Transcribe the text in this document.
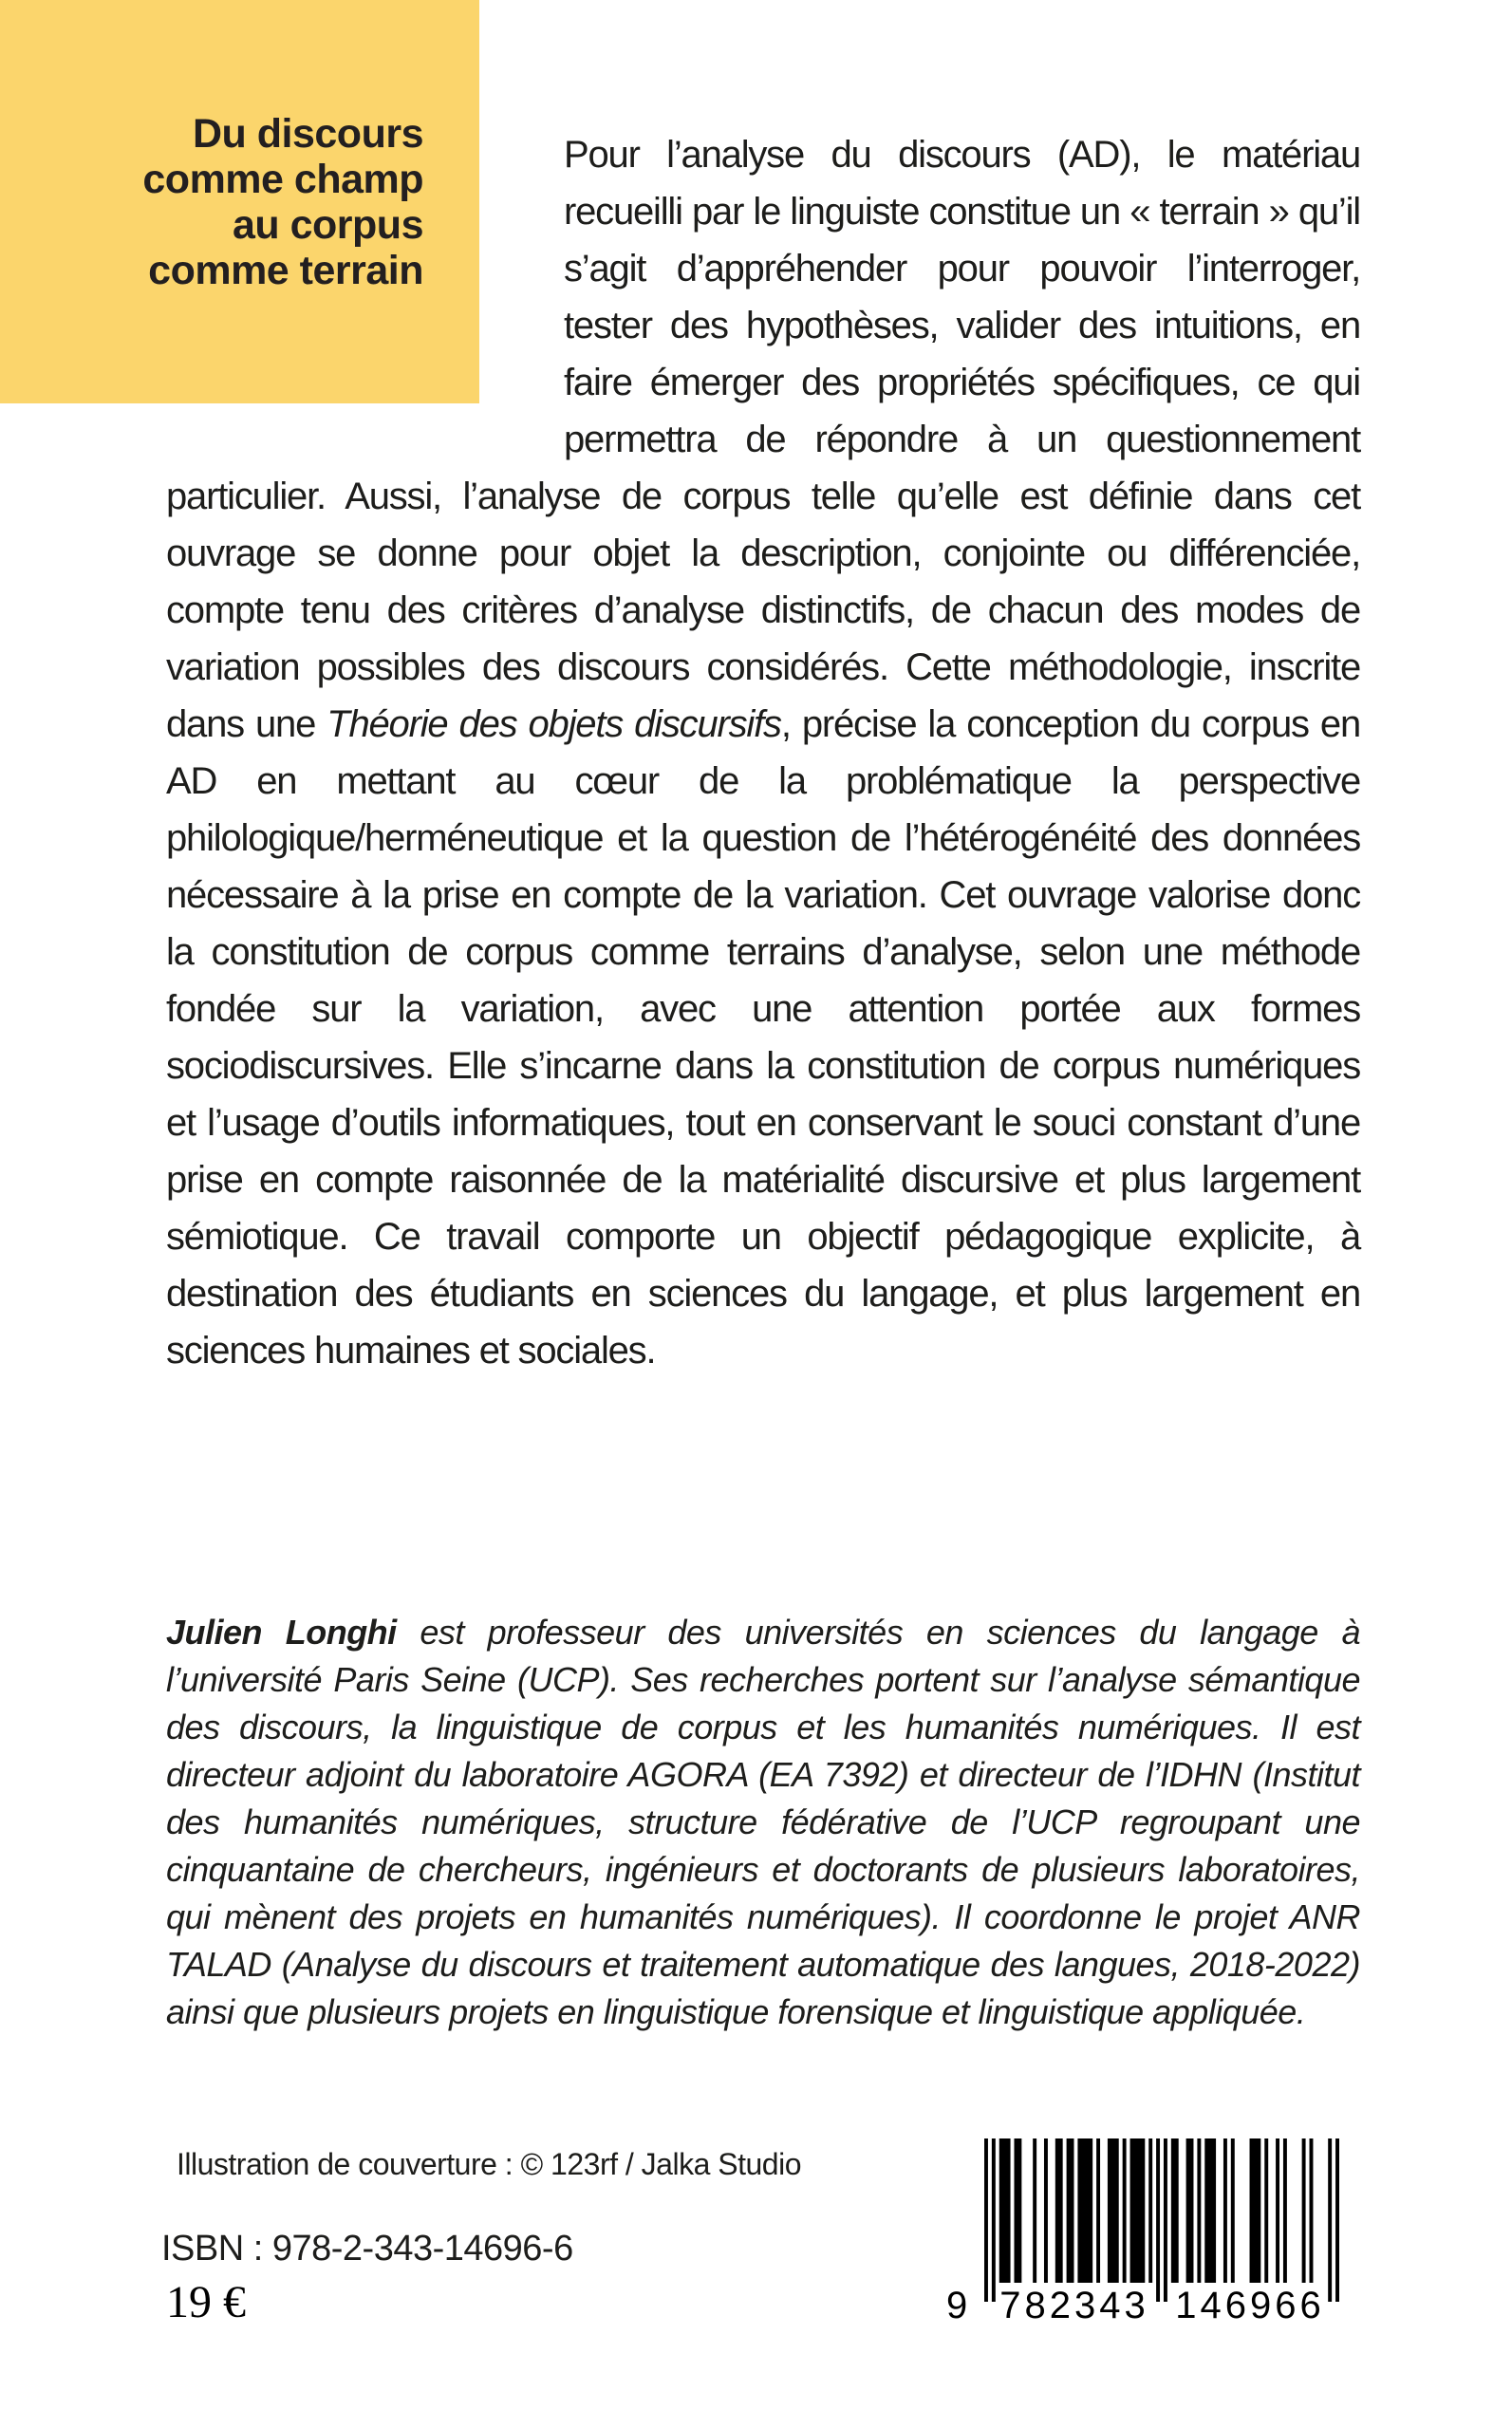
Du discours
comme champ
au corpus
comme terrain
Pour l’analyse du discours (AD), le matériau recueilli par le linguiste constitue un « terrain » qu’il s’agit d’appréhender pour pouvoir l’interroger, tester des hypothèses, valider des intuitions, en faire émerger des propriétés spécifiques, ce qui permettra de répondre à un questionnement particulier. Aussi, l’analyse de corpus telle qu’elle est définie dans cet ouvrage se donne pour objet la description, conjointe ou différenciée, compte tenu des critères d’analyse distinctifs, de chacun des modes de variation possibles des discours considérés. Cette méthodologie, inscrite dans une Théorie des objets discursifs, précise la conception du corpus en AD en mettant au cœur de la problématique la perspective philologique/herméneutique et la question de l’hétérogénéité des données nécessaire à la prise en compte de la variation. Cet ouvrage valorise donc la constitution de corpus comme terrains d’analyse, selon une méthode fondée sur la variation, avec une attention portée aux formes sociodiscursives. Elle s’incarne dans la constitution de corpus numériques et l’usage d’outils informatiques, tout en conservant le souci constant d’une prise en compte raisonnée de la matérialité discursive et plus largement sémiotique. Ce travail comporte un objectif pédagogique explicite, à destination des étudiants en sciences du langage, et plus largement en sciences humaines et sociales.
Julien Longhi est professeur des universités en sciences du langage à l’université Paris Seine (UCP). Ses recherches portent sur l’analyse sémantique des discours, la linguistique de corpus et les humanités numériques. Il est directeur adjoint du laboratoire AGORA (EA 7392) et directeur de l’IDHN (Institut des humanités numériques, structure fédérative de l’UCP regroupant une cinquantaine de chercheurs, ingénieurs et doctorants de plusieurs laboratoires, qui mènent des projets en humanités numériques). Il coordonne le projet ANR TALAD (Analyse du discours et traitement automatique des langues, 2018-2022) ainsi que plusieurs projets en linguistique forensique et linguistique appliquée.
Illustration de couverture : © 123rf / Jalka Studio
ISBN : 978-2-343-14696-6
19 €	9 782343 146966
